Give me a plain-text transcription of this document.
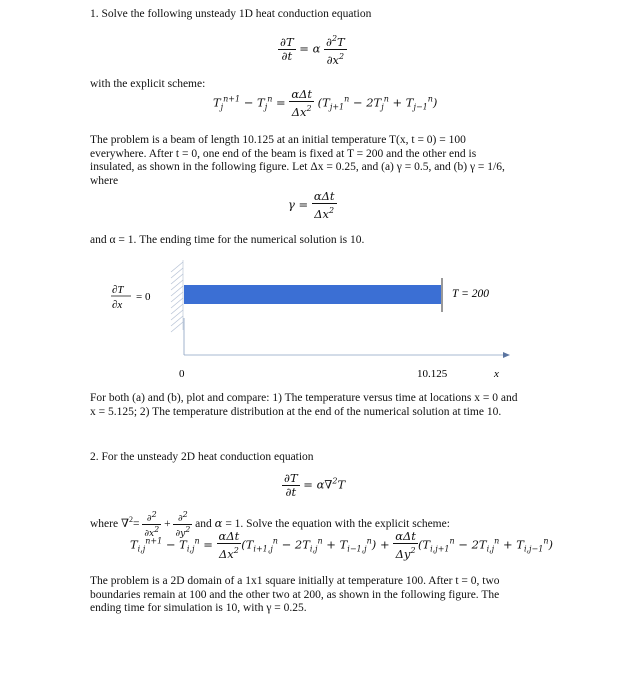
1. Solve the following unsteady 1D heat conduction equation
$\frac{\partial T}{\partial t} = \alpha \frac{\partial^2T}{\partial x^2}$
with the explicit scheme:
$T_j^{n+1} - T_j^n = \frac{\text{αΔt}}{\Delta x^2} (T_{j+1}^n - 2T_j^n + T_{j-1}^n)$
The problem is a beam of length 10.125 at an initial temperature T(x, t = 0) = 100 everywhere. After t = 0, one end of the beam is fixed at T = 200 and the other end is insulated, as shown in the following figure. Let Δx = 0.25, and (a) γ = 0.5, and (b) γ = 1/6, where
$\gamma = \frac{\text{αΔt}}{\Delta x^2}$
and α = 1. The ending time for the numerical solution is 10.
∂T
∂x
= 0	T = 200
0	10.125	x
For both (a) and (b), plot and compare: 1) The temperature versus time at locations x = 0 and x = 5.125; 2) The temperature distribution at the end of the numerical solution at time 10.
2. For the unsteady 2D heat conduction equation
$\frac{\partial T}{\partial t} = \alpha\nabla^2T$
where $\nabla^2= \frac{\partial^2}{\partial x^2} + \frac{\partial^2}{\partial y^2}$ and α = 1. Solve the equation with the explicit scheme:
$T_{i,j}^{n+1} - T_{i,j}^n = \frac{\text{αΔt}}{\Delta x^2} (T_{i+1,j}^n - 2T_{i,j}^n + T_{i-1,j}^n) + \frac{\text{αΔt}}{\Delta y^2} (T_{i,j+1}^n - 2T_{i,j}^n + T_{i,j-1}^n)$
The problem is a 2D domain of a 1x1 square initially at temperature 100. After t = 0, two boundaries remain at 100 and the other two at 200, as shown in the following figure. The ending time for simulation is 10, with γ = 0.25.
